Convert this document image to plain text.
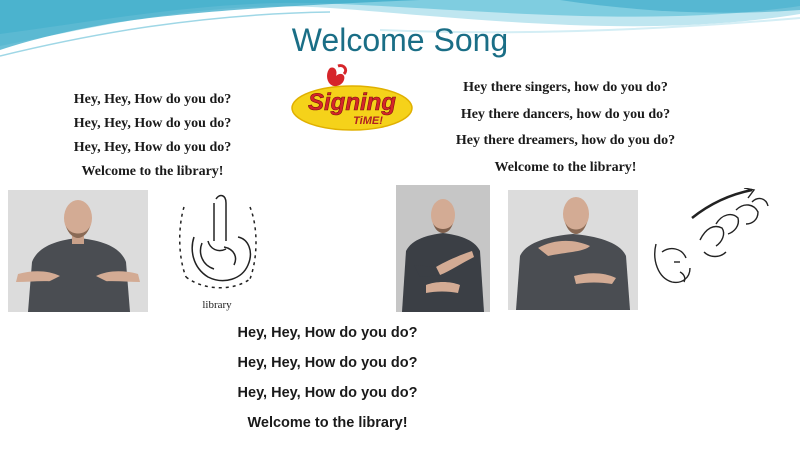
Welcome Song
Hey, Hey, How do you do?
Hey, Hey, How do you do?
Hey, Hey, How do you do?
Welcome to the library!
Signing
TiME!
Hey there singers, how do you do?
Hey there dancers, how do you do?
Hey there dreamers, how do you do?
Welcome to the library!
library
Hey, Hey, How do you do?
Hey, Hey, How do you do?
Hey, Hey, How do you do?
Welcome to the library!
